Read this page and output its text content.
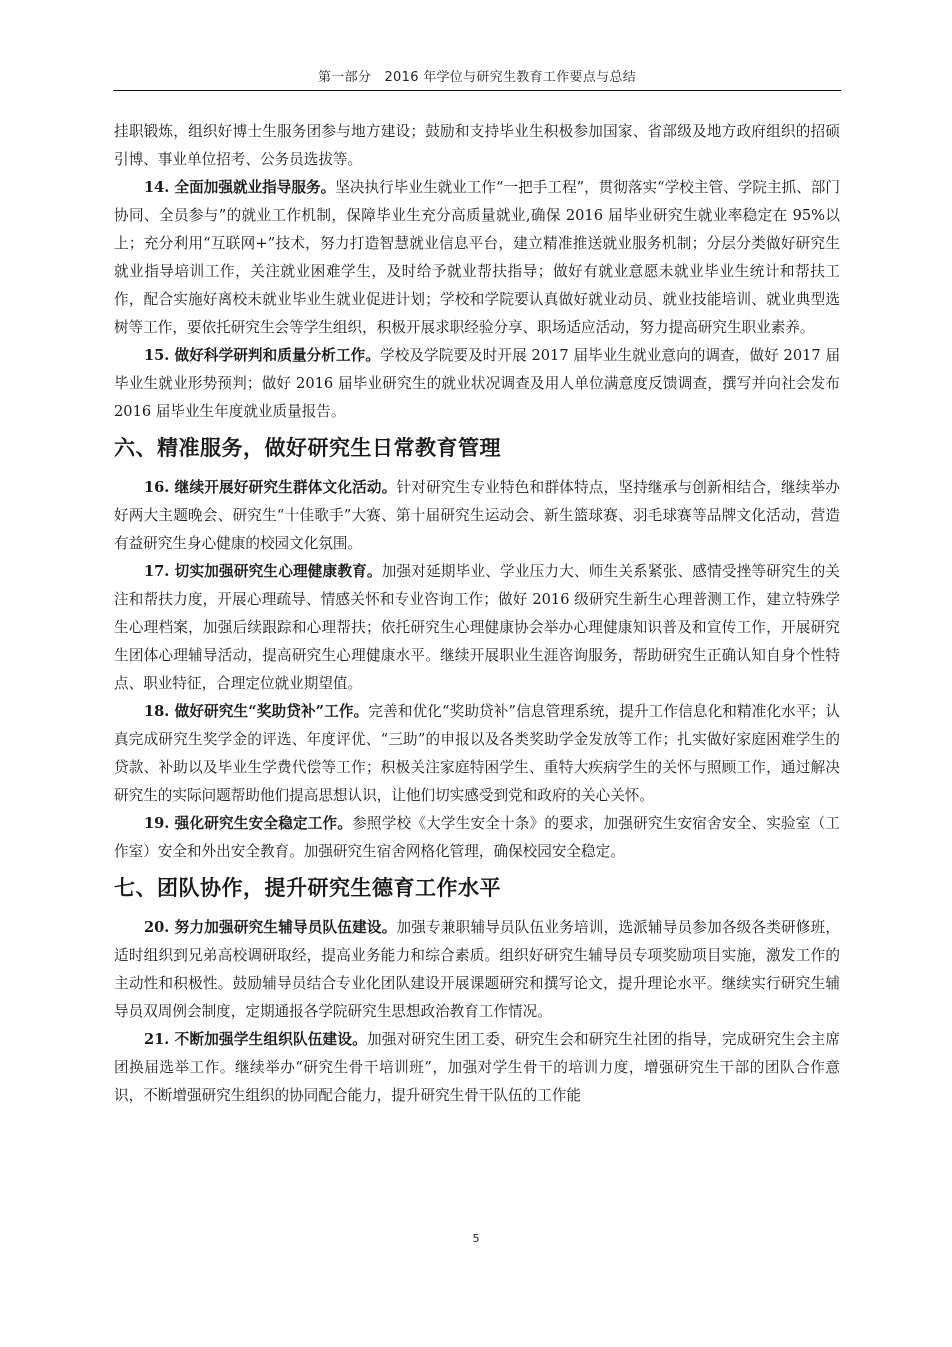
第一部分　2016 年学位与研究生教育工作要点与总结

挂职锻炼，组织好博士生服务团参与地方建设；鼓励和支持毕业生积极参加国家、省部级及地方政府组织的招硕引博、事业单位招考、公务员选拔等。

14. 全面加强就业指导服务。坚决执行毕业生就业工作“一把手工程”，贯彻落实“学校主管、学院主抓、部门协同、全员参与”的就业工作机制，保障毕业生充分高质量就业,确保 2016 届毕业研究生就业率稳定在 95%以上；充分利用“互联网+”技术，努力打造智慧就业信息平台，建立精准推送就业服务机制；分层分类做好研究生就业指导培训工作，关注就业困难学生，及时给予就业帮扶指导；做好有就业意愿未就业毕业生统计和帮扶工作，配合实施好离校未就业毕业生就业促进计划；学校和学院要认真做好就业动员、就业技能培训、就业典型选树等工作，要依托研究生会等学生组织，积极开展求职经验分享、职场适应活动，努力提高研究生职业素养。

15. 做好科学研判和质量分析工作。学校及学院要及时开展 2017 届毕业生就业意向的调查，做好 2017 届毕业生就业形势预判；做好 2016 届毕业研究生的就业状况调查及用人单位满意度反馈调查，撰写并向社会发布 2016 届毕业生年度就业质量报告。

六、精准服务，做好研究生日常教育管理

16. 继续开展好研究生群体文化活动。针对研究生专业特色和群体特点，坚持继承与创新相结合，继续举办好两大主题晚会、研究生“十佳歌手”大赛、第十届研究生运动会、新生篮球赛、羽毛球赛等品牌文化活动，营造有益研究生身心健康的校园文化氛围。

17. 切实加强研究生心理健康教育。加强对延期毕业、学业压力大、师生关系紧张、感情受挫等研究生的关注和帮扶力度，开展心理疏导、情感关怀和专业咨询工作；做好 2016 级研究生新生心理普测工作，建立特殊学生心理档案，加强后续跟踪和心理帮扶；依托研究生心理健康协会举办心理健康知识普及和宣传工作，开展研究生团体心理辅导活动，提高研究生心理健康水平。继续开展职业生涯咨询服务，帮助研究生正确认知自身个性特点、职业特征，合理定位就业期望值。

18. 做好研究生“奖助贷补”工作。完善和优化“奖助贷补”信息管理系统，提升工作信息化和精准化水平；认真完成研究生奖学金的评选、年度评优、“三助”的申报以及各类奖助学金发放等工作；扎实做好家庭困难学生的贷款、补助以及毕业生学费代偿等工作；积极关注家庭特困学生、重特大疾病学生的关怀与照顾工作，通过解决研究生的实际问题帮助他们提高思想认识，让他们切实感受到党和政府的关心关怀。

19. 强化研究生安全稳定工作。参照学校《大学生安全十条》的要求，加强研究生安宿舍安全、实验室（工作室）安全和外出安全教育。加强研究生宿舍网格化管理，确保校园安全稳定。

七、团队协作，提升研究生德育工作水平

20. 努力加强研究生辅导员队伍建设。加强专兼职辅导员队伍业务培训，选派辅导员参加各级各类研修班，适时组织到兄弟高校调研取经，提高业务能力和综合素质。组织好研究生辅导员专项奖励项目实施，激发工作的主动性和积极性。鼓励辅导员结合专业化团队建设开展课题研究和撰写论文，提升理论水平。继续实行研究生辅导员双周例会制度，定期通报各学院研究生思想政治教育工作情况。

21. 不断加强学生组织队伍建设。加强对研究生团工委、研究生会和研究生社团的指导，完成研究生会主席团换届选举工作。继续举办“研究生骨干培训班”，加强对学生骨干的培训力度，增强研究生干部的团队合作意识，不断增强研究生组织的协同配合能力，提升研究生骨干队伍的工作能

5
